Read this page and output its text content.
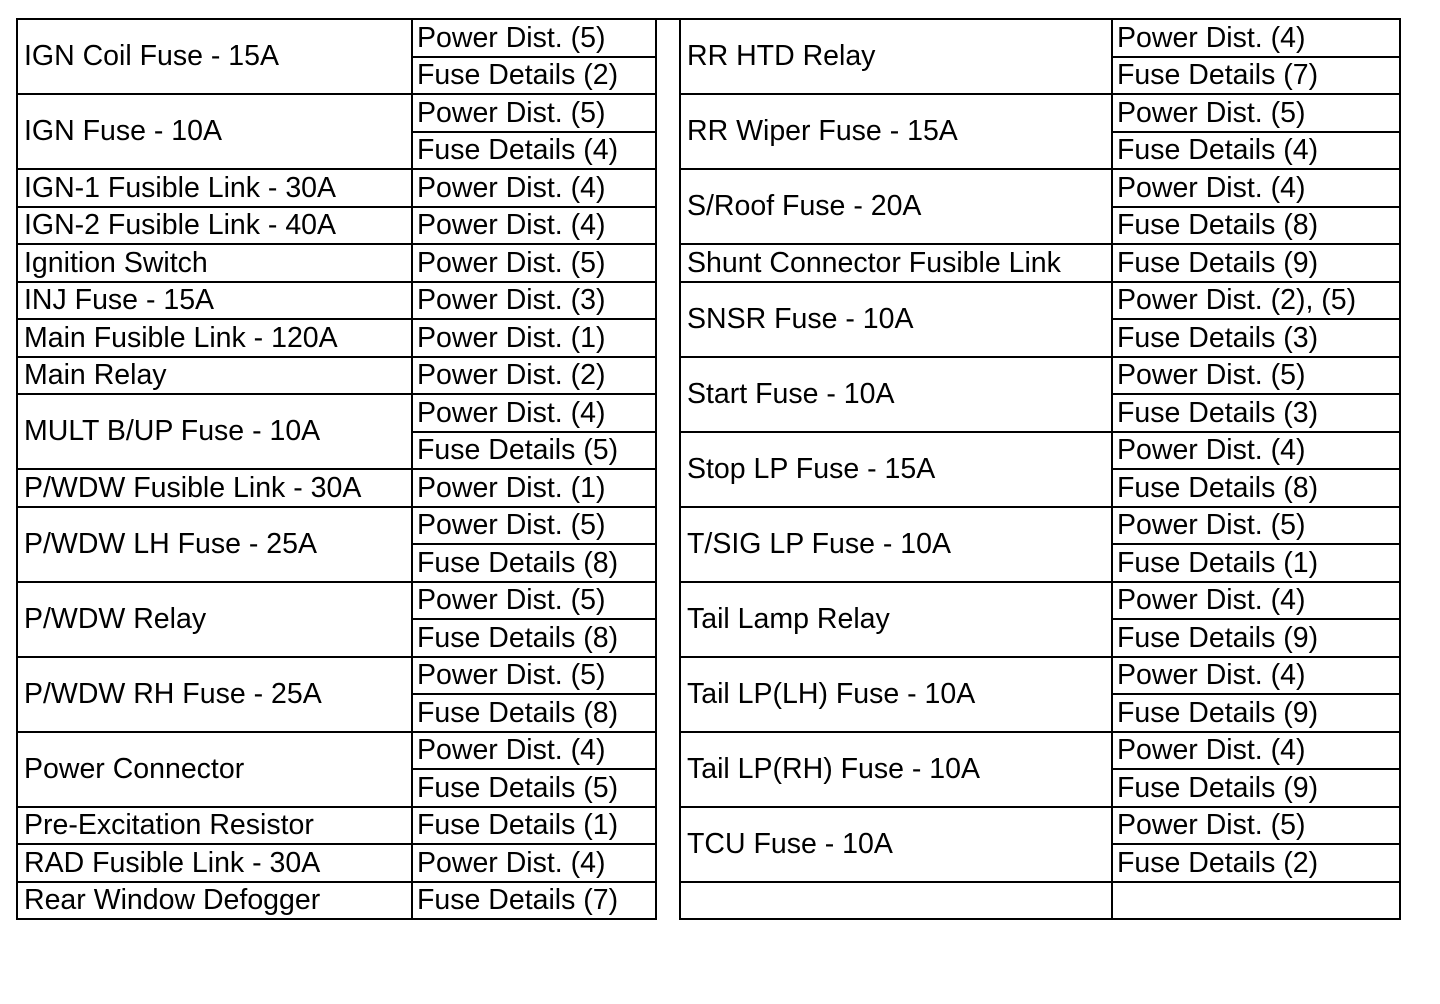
IGN Coil Fuse - 15A	Power Dist. (5)		RR HTD Relay	Power Dist. (4)
	Fuse Details (2)			Fuse Details (7)
IGN Fuse - 10A	Power Dist. (5)		RR Wiper Fuse - 15A	Power Dist. (5)
	Fuse Details (4)			Fuse Details (4)
IGN-1 Fusible Link - 30A	Power Dist. (4)		S/Roof Fuse - 20A	Power Dist. (4)
IGN-2 Fusible Link - 40A	Power Dist. (4)			Fuse Details (8)
Ignition Switch	Power Dist. (5)		Shunt Connector Fusible Link	Fuse Details (9)
INJ Fuse - 15A	Power Dist. (3)		SNSR Fuse - 10A	Power Dist. (2), (5)
Main Fusible Link - 120A	Power Dist. (1)			Fuse Details (3)
Main Relay	Power Dist. (2)		Start Fuse - 10A	Power Dist. (5)
MULT B/UP Fuse - 10A	Power Dist. (4)			Fuse Details (3)
	Fuse Details (5)		Stop LP Fuse - 15A	Power Dist. (4)
P/WDW Fusible Link - 30A	Power Dist. (1)			Fuse Details (8)
P/WDW LH Fuse - 25A	Power Dist. (5)		T/SIG LP Fuse - 10A	Power Dist. (5)
	Fuse Details (8)			Fuse Details (1)
P/WDW Relay	Power Dist. (5)		Tail Lamp Relay	Power Dist. (4)
	Fuse Details (8)			Fuse Details (9)
P/WDW RH Fuse - 25A	Power Dist. (5)		Tail LP(LH) Fuse - 10A	Power Dist. (4)
	Fuse Details (8)			Fuse Details (9)
Power Connector	Power Dist. (4)		Tail LP(RH) Fuse - 10A	Power Dist. (4)
	Fuse Details (5)			Fuse Details (9)
Pre-Excitation Resistor	Fuse Details (1)		TCU Fuse - 10A	Power Dist. (5)
RAD Fusible Link - 30A	Power Dist. (4)			Fuse Details (2)
Rear Window Defogger	Fuse Details (7)			
